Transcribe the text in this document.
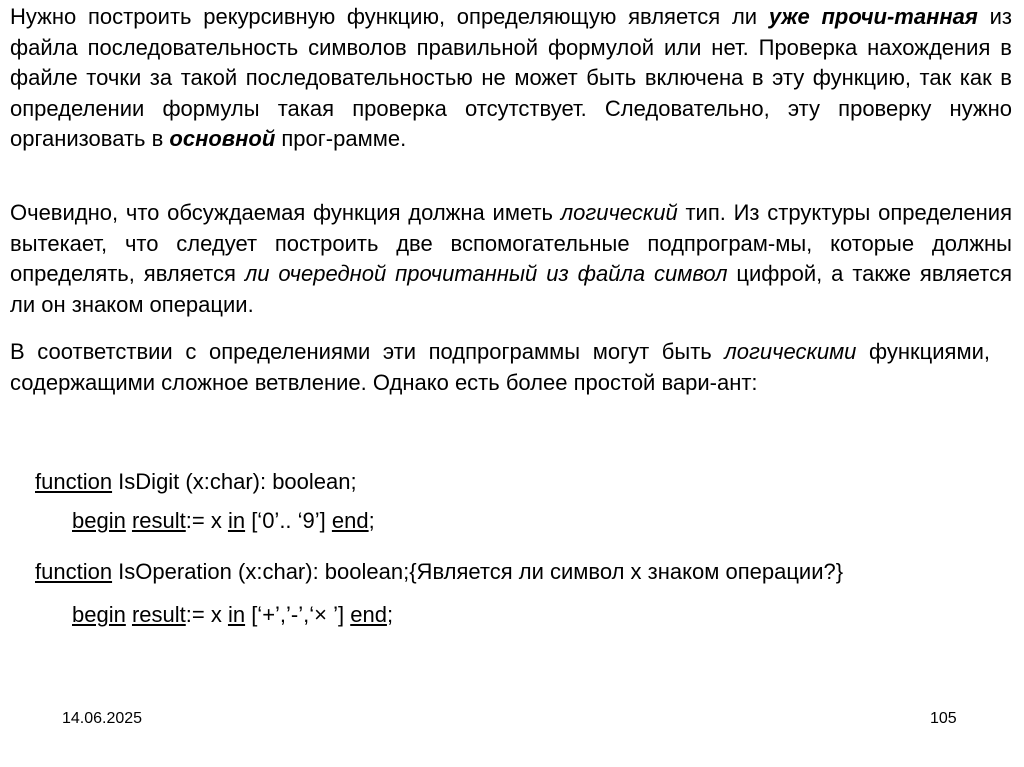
Нужно построить рекурсивную функцию, определяющую является ли уже прочи-танная из файла последовательность символов правильной формулой или нет. Проверка нахождения в файле точки за такой последовательностью не может быть включена в эту функцию, так как в определении формулы такая проверка отсутствует. Следовательно, эту проверку нужно организовать в основной прог-рамме.

Очевидно, что обсуждаемая функция должна иметь логический тип. Из структуры определения вытекает, что следует построить две вспомогательные подпрограм-мы, которые должны определять, является ли очередной прочитанный из файла символ цифрой, а также является ли он знаком операции.

В соответствии с определениями эти подпрограммы могут быть логическими функциями, содержащими сложное ветвление. Однако есть более простой вари-ант:

function IsDigit (x:char): boolean;
begin result:= x in [‘0’.. ‘9’] end;
function IsOperation (x:char): boolean;{Является ли символ x знаком операции?}
begin result:= x in [‘+’,’-’,‘× ’] end;
14.06.2025	105
